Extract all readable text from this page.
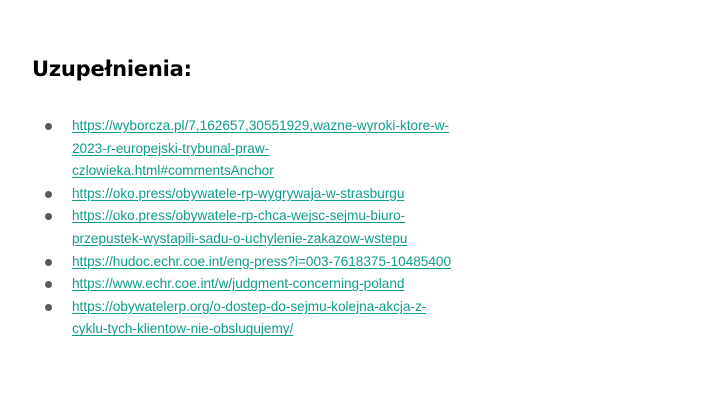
Uzupełnienia:
https://wyborcza.pl/7,162657,30551929,wazne-wyroki-ktore-w-
2023-r-europejski-trybunal-praw-
czlowieka.html#commentsAnchor
https://oko.press/obywatele-rp-wygrywaja-w-strasburgu
https://oko.press/obywatele-rp-chca-wejsc-sejmu-biuro-
przepustek-wystapili-sadu-o-uchylenie-zakazow-wstepu
https://hudoc.echr.coe.int/eng-press?i=003-7618375-10485400
https://www.echr.coe.int/w/judgment-concerning-poland
https://obywatelerp.org/o-dostep-do-sejmu-kolejna-akcja-z-
cyklu-tych-klientow-nie-obslugujemy/
